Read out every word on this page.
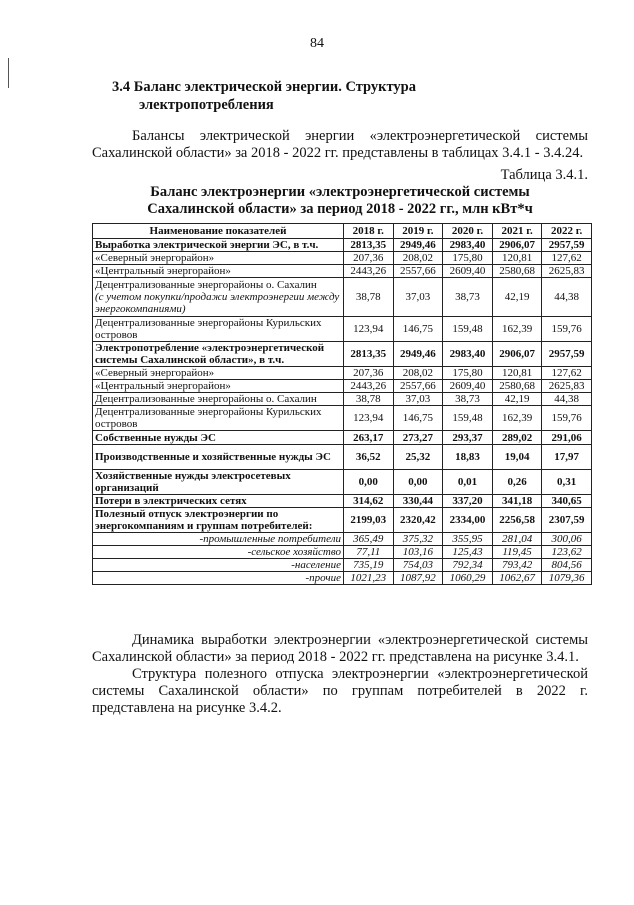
84
3.4 Баланс электрической энергии. Структура
электропотребления

Балансы электрической энергии «электроэнергетической системы Сахалинской области» за 2018 - 2022 гг. представлены в таблицах 3.4.1 - 3.4.24.

Таблица 3.4.1.

Баланс электроэнергии «электроэнергетической системы
Сахалинской области» за период 2018 - 2022 гг., млн кВт*ч
Наименование показателей	2018 г.	2019 г.	2020 г.	2021 г.	2022 г.
Выработка электрической энергии ЭС, в т.ч.	2813,35	2949,46	2983,40	2906,07	2957,59
«Северный энергорайон»	207,36	208,02	175,80	120,81	127,62
«Центральный энергорайон»	2443,26	2557,66	2609,40	2580,68	2625,83
Децентрализованные энергорайоны о. Сахалин
(с учетом покупки/продажи электроэнергии между энергокомпаниями)	38,78	37,03	38,73	42,19	44,38
Децентрализованные энергорайоны Курильских островов	123,94	146,75	159,48	162,39	159,76
Электропотребление «электроэнергетической системы Сахалинской области», в т.ч.	2813,35	2949,46	2983,40	2906,07	2957,59
«Северный энергорайон»	207,36	208,02	175,80	120,81	127,62
«Центральный энергорайон»	2443,26	2557,66	2609,40	2580,68	2625,83
Децентрализованные энергорайоны о. Сахалин	38,78	37,03	38,73	42,19	44,38
Децентрализованные энергорайоны Курильских островов	123,94	146,75	159,48	162,39	159,76
Собственные нужды ЭС	263,17	273,27	293,37	289,02	291,06
Производственные и хозяйственные нужды ЭС	36,52	25,32	18,83	19,04	17,97
Хозяйственные нужды электросетевых организаций	0,00	0,00	0,01	0,26	0,31
Потери в электрических сетях	314,62	330,44	337,20	341,18	340,65
Полезный отпуск электроэнергии по энергокомпаниям и группам потребителей:	2199,03	2320,42	2334,00	2256,58	2307,59
-промышленные потребители	365,49	375,32	355,95	281,04	300,06
-сельское хозяйство	77,11	103,16	125,43	119,45	123,62
-население	735,19	754,03	792,34	793,42	804,56
-прочие	1021,23	1087,92	1060,29	1062,67	1079,36

Динамика выработки электроэнергии «электроэнергетической системы Сахалинской области» за период 2018 - 2022 гг. представлена на рисунке 3.4.1.

Структура полезного отпуска электроэнергии «электроэнергетической системы Сахалинской области» по группам потребителей в 2022 г. представлена на рисунке 3.4.2.
